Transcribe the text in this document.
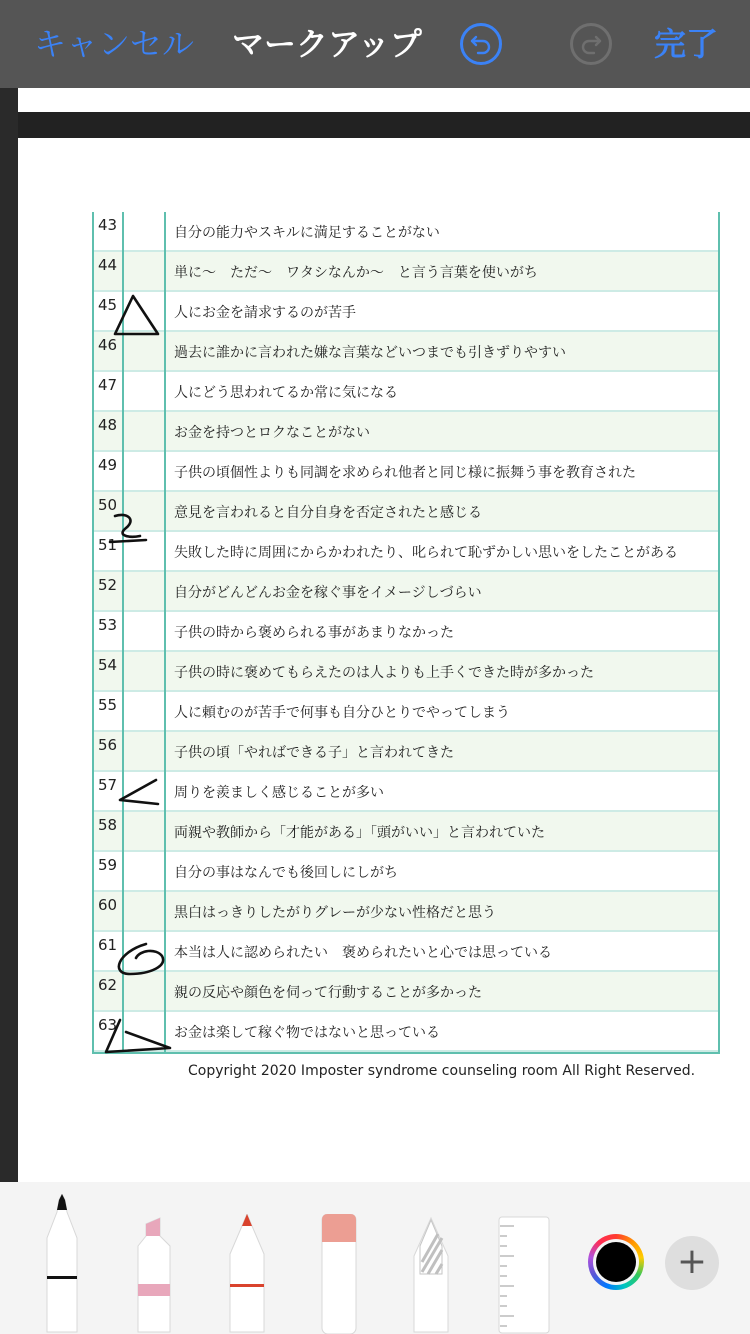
キャンセル マークアップ	完了
63	お金は楽して稼ぐ物ではないと思っている
62	親の反応や顔色を伺って行動することが多かった
61	本当は人に認められたい　褒められたいと心では思っている
60	黒白はっきりしたがりグレーが少ない性格だと思う
59	自分の事はなんでも後回しにしがち
58	両親や教師から「才能がある」「頭がいい」と言われていた
57	周りを羨ましく感じることが多い
56	子供の頃「やればできる子」と言われてきた
55	人に頼むのが苦手で何事も自分ひとりでやってしまう
54	子供の時に褒めてもらえたのは人よりも上手くできた時が多かった
53	子供の時から褒められる事があまりなかった
52	自分がどんどんお金を稼ぐ事をイメージしづらい
51	失敗した時に周囲にからかわれたり、叱られて恥ずかしい思いをしたことがある
50	意見を言われると自分自身を否定されたと感じる
49	子供の頃個性よりも同調を求められ他者と同じ様に振舞う事を教育された
48	お金を持つとロクなことがない
47	人にどう思われてるか常に気になる
46	過去に誰かに言われた嫌な言葉などいつまでも引きずりやすい
45	人にお金を請求するのが苦手
44	単に〜　ただ〜　ワタシなんか〜　と言う言葉を使いがち
43	自分の能力やスキルに満足することがない
Copyright 2020 Imposter syndrome counseling room All Right Reserved.
+
